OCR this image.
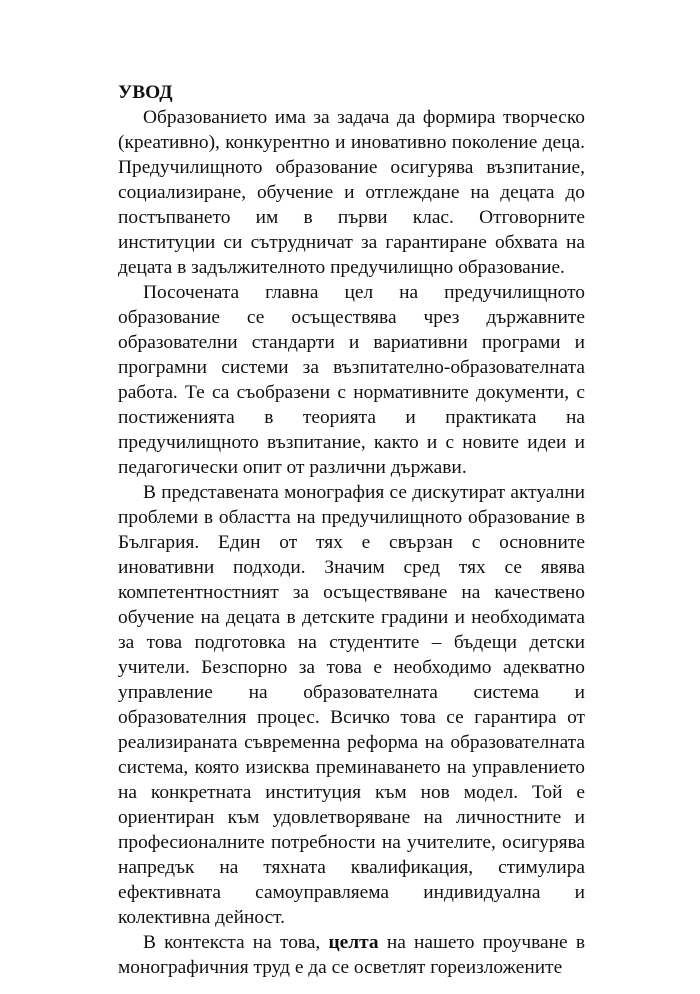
УВОД

Образованието има за задача да формира творческо (креативно), конкурентно и иновативно поколение деца. Предучилищното образование осигурява възпитание, социализиране, обучение и отглеждане на децата до постъпването им в първи клас. Отговорните институции си сътрудничат за гарантиране обхвата на децата в задължителното предучилищно образование.

Посочената главна цел на предучилищното образование се осъществява чрез държавните образователни стандарти и вариативни програми и програмни системи за възпитателно-образователната работа. Те са съобразени с нормативните документи, с постиженията в теорията и практиката на предучилищното възпитание, както и с новите идеи и педагогически опит от различни държави.

В представената монография се дискутират актуални проблеми в областта на предучилищното образование в България. Един от тях е свързан с основните иновативни подходи. Значим сред тях се явява компетентностният за осъществяване на качествено обучение на децата в детските градини и необходимата за това подготовка на студентите – бъдещи детски учители. Безспорно за това е необходимо адекватно управление на образователната система и образователния процес. Всичко това се гарантира от реализираната съвременна реформа на образователната система, която изисква преминаването на управлението на конкретната институция към нов модел. Той е ориентиран към удовлетворяване на личностните и професионалните потребности на учителите, осигурява напредък на тяхната квалификация, стимулира ефективната самоуправляема индивидуална и колективна дейност.

В контекста на това, целта на нашето проучване в монографичния труд е да се осветлят гореизложените
